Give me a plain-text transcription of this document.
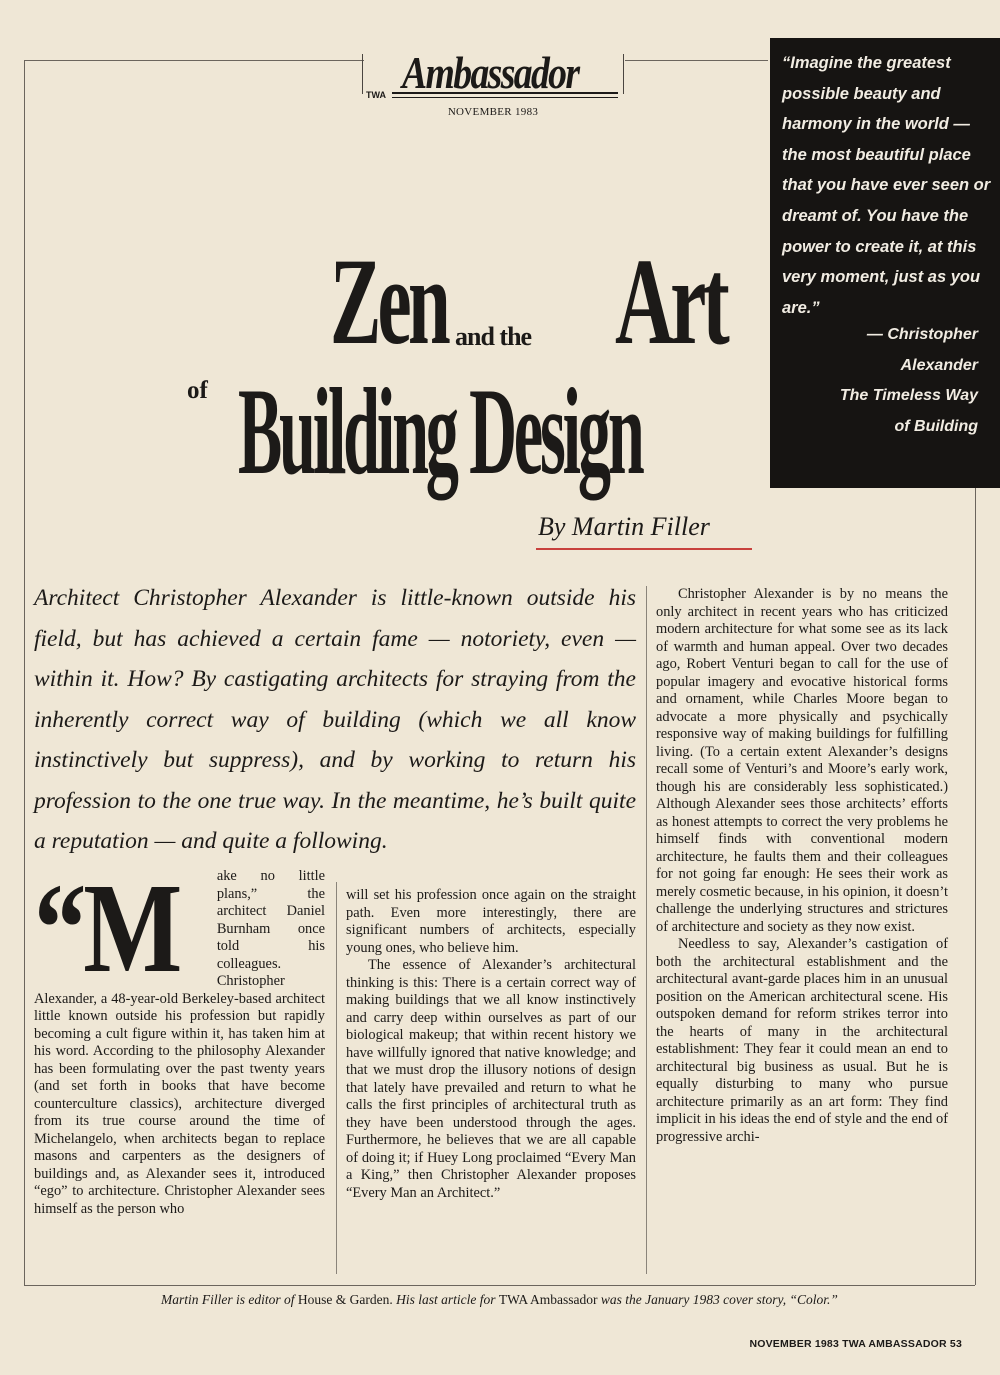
Ambassador
TWA
NOVEMBER 1983
“Imagine the greatest possible beauty and harmony in the world — the most beautiful place that you have ever seen or dreamt of. You have the power to create it, at this very moment, just as you are.”
— Christopher
Alexander
The Timeless Way
of Building
Zen and the Art
of Building Design
By Martin Filler
Architect Christopher Alexander is little-known outside his field, but has achieved a certain fame — notoriety, even — within it. How? By castigating architects for straying from the inherently correct way of building (which we all know instinctively but suppress), and by working to return his profession to the one true way. In the meantime, he’s built quite a reputation — and quite a following.
“M	ake no little plans,” the architect Daniel Burnham once told his colleagues. Christopher Alexander, a 48-year-old Berkeley-based architect little known outside his profession but rapidly becoming a cult figure within it, has taken him at his word. According to the philosophy Alexander has been formulating over the past twenty years (and set forth in books that have become counterculture classics), architecture diverged from its true course around the time of Michelangelo, when architects began to replace masons and carpenters as the designers of buildings and, as Alexander sees it, introduced “ego” to architecture. Christopher Alexander sees himself as the person who

will set his profession once again on the straight path. Even more interestingly, there are significant numbers of architects, especially young ones, who believe him.

The essence of Alexander’s architectural thinking is this: There is a certain correct way of making buildings that we all know instinctively and carry deep within ourselves as part of our biological makeup; that within recent history we have willfully ignored that native knowledge; and that we must drop the illusory notions of design that lately have prevailed and return to what he calls the first principles of architectural truth as they have been understood through the ages. Furthermore, he believes that we are all capable of doing it; if Huey Long proclaimed “Every Man a King,” then Christopher Alexander proposes “Every Man an Architect.”

Christopher Alexander is by no means the only architect in recent years who has criticized modern architecture for what some see as its lack of warmth and human appeal. Over two decades ago, Robert Venturi began to call for the use of popular imagery and evocative historical forms and ornament, while Charles Moore began to advocate a more physically and psychically responsive way of making buildings for fulfilling living. (To a certain extent Alexander’s designs recall some of Venturi’s and Moore’s early work, though his are considerably less sophisticated.) Although Alexander sees those architects’ efforts as honest attempts to correct the very problems he himself finds with conventional modern architecture, he faults them and their colleagues for not going far enough: He sees their work as merely cosmetic because, in his opinion, it doesn’t challenge the underlying structures and strictures of architecture and society as they now exist.

Needless to say, Alexander’s castigation of both the architectural establishment and the architectural avant-garde places him in an unusual position on the American architectural scene. His outspoken demand for reform strikes terror into the hearts of many in the architectural establishment: They fear it could mean an end to architectural big business as usual. But he is equally disturbing to many who pursue architecture primarily as an art form: They find implicit in his ideas the end of style and the end of progressive archi-

Martin Filler is editor of House & Garden. His last article for TWA Ambassador was the January 1983 cover story, “Color.”
NOVEMBER 1983 TWA AMBASSADOR 53
